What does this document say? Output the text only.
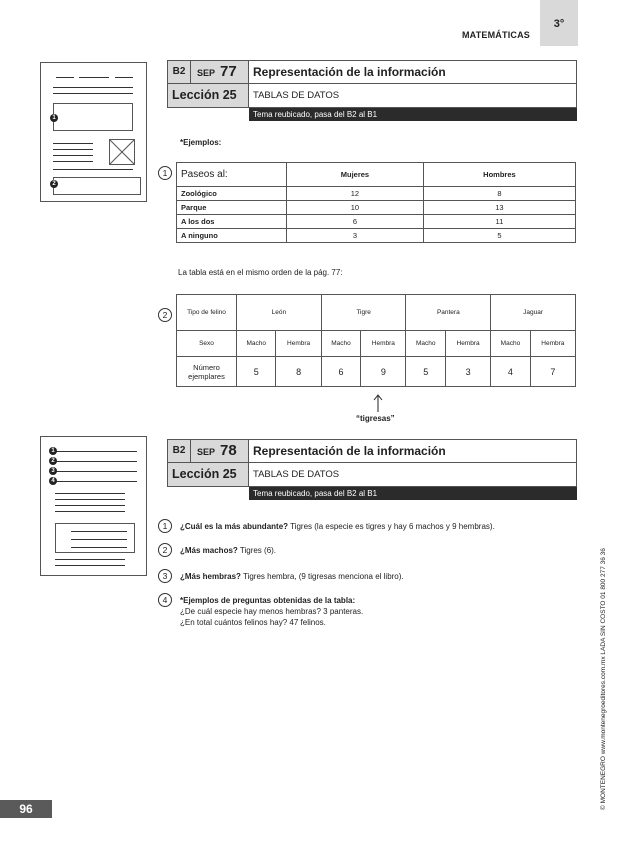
MATEMÁTICAS
3°
1
2
B2	SEP 77	Representación de la información
Lección 25	TABLAS DE DATOS
Tema reubicado, pasa del B2 al B1
*Ejemplos:
1	Paseos al:	Mujeres	Hombres
Zoológico	12	8
Parque	10	13
A los dos	6	11
A ninguno	3	5
La tabla está en el mismo orden de la pág. 77:
2	Tipo de felino	León		Tigre		Pantera		Jaguar	
Sexo	Macho	Hembra	Macho	Hembra	Macho	Hembra	Macho	Hembra
Número ejemplares	5	8	6	9	5	3	4	7
“tigresas”
1
2
3
4
B2	SEP 78	Representación de la información
Lección 25	TABLAS DE DATOS
Tema reubicado, pasa del B2 al B1
1	¿Cuál es la más abundante? Tigres (la especie es tigres y hay 6 machos y 9 hembras).
2	¿Más machos? Tigres (6).
3	¿Más hembras? Tigres hembra, (9 tigresas menciona el libro).
4	*Ejemplos de preguntas obtenidas de la tabla:
¿De cuál especie hay menos hembras? 3 panteras.
¿En total cuántos felinos hay? 47 felinos.	© MONTENEGRO www.montenegroeditores.com.mx LADA SIN COSTO 01 800 277 36 36
96
